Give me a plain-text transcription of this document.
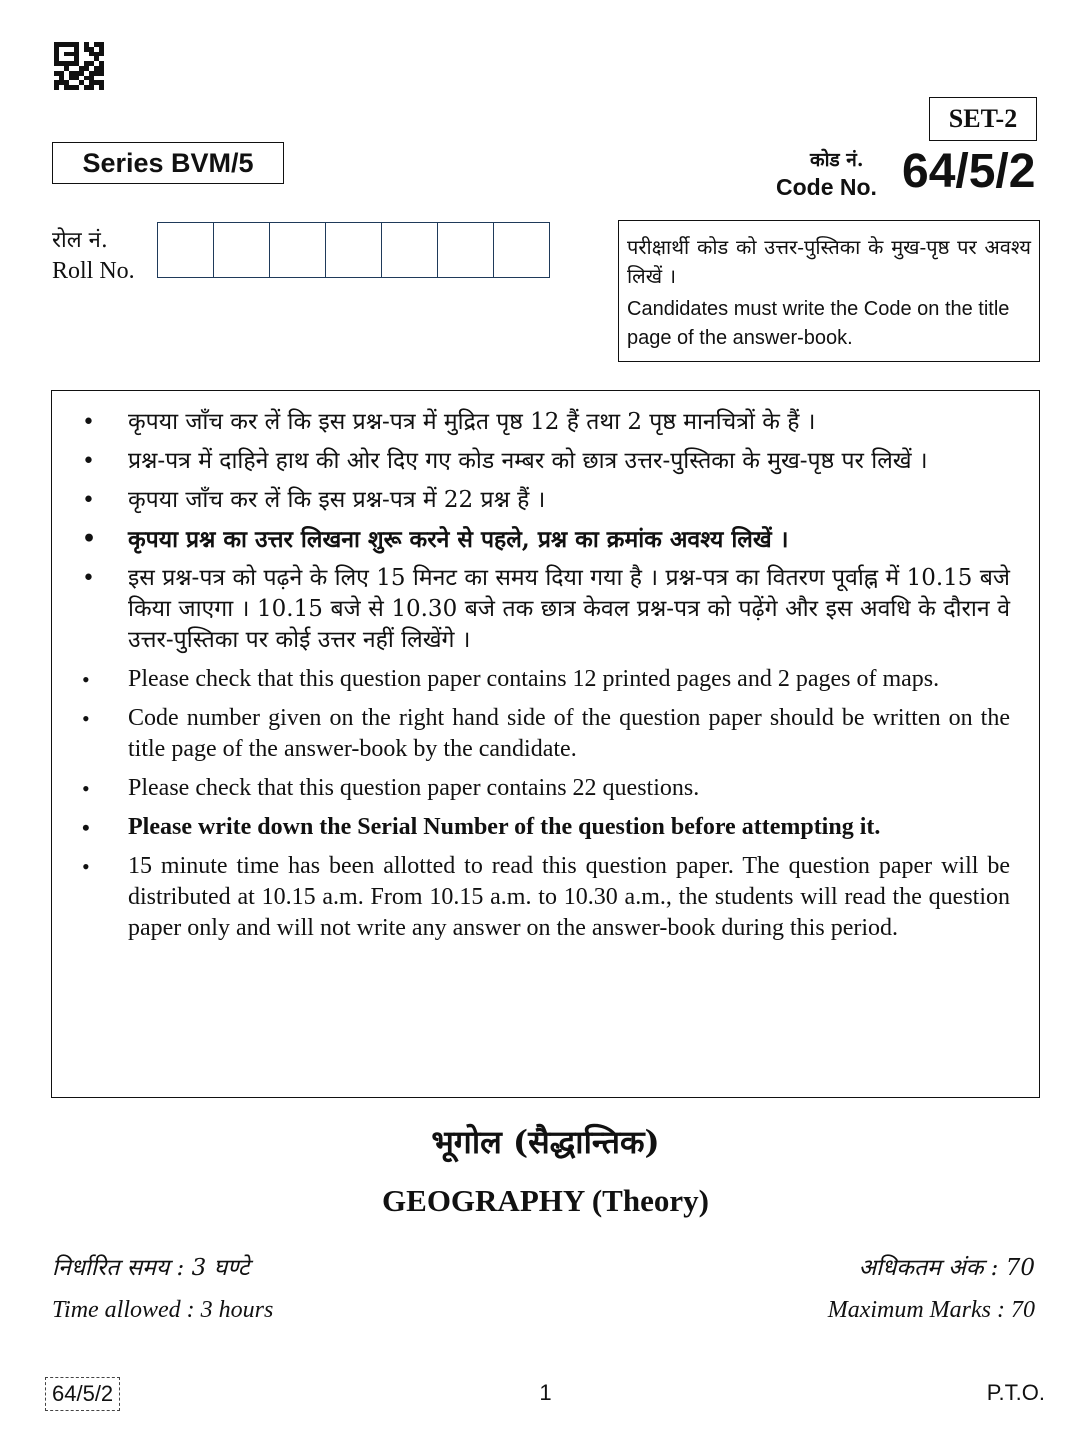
SET-2
Series BVM/5	कोड नं.
Code No. 64/5/2
रोल नं.
Roll No.
परीक्षार्थी कोड को उत्तर-पुस्तिका के मुख-पृष्ठ पर अवश्य लिखें ।
Candidates must write the Code on the title page of the answer-book.
• कृपया जाँच कर लें कि इस प्रश्न-पत्र में मुद्रित पृष्ठ 12 हैं तथा 2 पृष्ठ मानचित्रों के हैं ।
• प्रश्न-पत्र में दाहिने हाथ की ओर दिए गए कोड नम्बर को छात्र उत्तर-पुस्तिका के मुख-पृष्ठ पर लिखें ।
• कृपया जाँच कर लें कि इस प्रश्न-पत्र में 22 प्रश्न हैं ।
• कृपया प्रश्न का उत्तर लिखना शुरू करने से पहले, प्रश्न का क्रमांक अवश्य लिखें ।
• इस प्रश्न-पत्र को पढ़ने के लिए 15 मिनट का समय दिया गया है । प्रश्न-पत्र का वितरण पूर्वाह्न में 10.15 बजे किया जाएगा । 10.15 बजे से 10.30 बजे तक छात्र केवल प्रश्न-पत्र को पढ़ेंगे और इस अवधि के दौरान वे उत्तर-पुस्तिका पर कोई उत्तर नहीं लिखेंगे ।
• Please check that this question paper contains 12 printed pages and 2 pages of maps.
• Code number given on the right hand side of the question paper should be written on the title page of the answer-book by the candidate.
• Please check that this question paper contains 22 questions.
• Please write down the Serial Number of the question before attempting it.
• 15 minute time has been allotted to read this question paper. The question paper will be distributed at 10.15 a.m. From 10.15 a.m. to 10.30 a.m., the students will read the question paper only and will not write any answer on the answer-book during this period.
भूगोल (सैद्धान्तिक)
GEOGRAPHY (Theory)
निर्धारित समय : 3 घण्टे
Time allowed : 3 hours
अधिकतम अंक : 70
Maximum Marks : 70
64/5/2	1	P.T.O.
